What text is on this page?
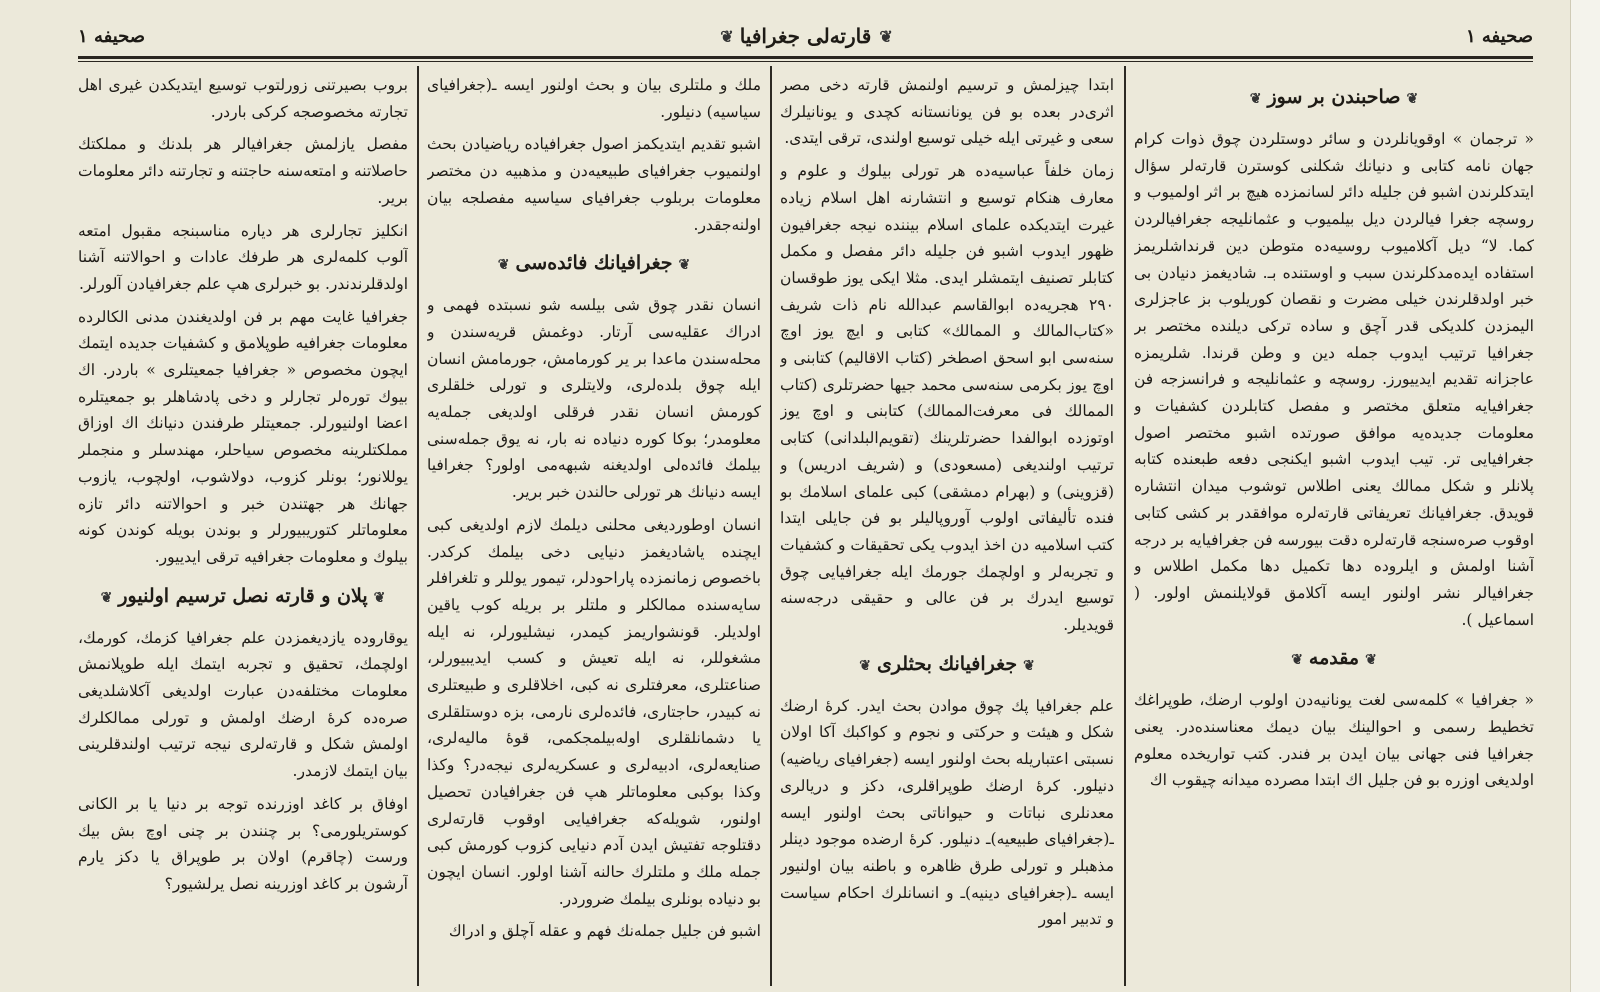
صحیفه ۱
❦
قارته‌لی جغرافیا
❦
صحیفه ۱
❦صاحبندن بر سوز❦

« ترجمان » اوقویانلردن و سائر دوستلردن چوق ذوات کرام جهان نامه کتابی و دنیانك شکلنی کوسترن قارته‌لر سؤال ایتدکلرندن اشبو فن جلیله دائر لسانمزده هیچ بر اثر اولمیوب و روسچه جغرا فیالردن دیل بیلمیوب و عثمانلیجه جغرافیالردن کما. لا“ دیل آکلامیوب روسیه‌ده متوطن دین قرنداشلریمز استفاده ایده‌مدکلرندن سبب و اوستنده بـ. شادیغمز دنیادن بی خبر اولدقلرندن خیلی مضرت و نقصان کوریلوب بز عاجزلری الیمزدن کلدیکی قدر آچق و ساده ترکی دیلنده مختصر بر جغرافیا ترتیب ایدوب جمله دین و وطن قرندا. شلریمزه عاجزانه تقدیم ایدییورز. روسچه و عثمانلیجه و فرانسزجه فن جغرافیایه متعلق مختصر و مفصل کتابلردن کشفیات و معلومات جدیده‌یه موافق صورتده اشبو مختصر اصول جغرافیایی تر. تیب ایدوب اشبو ایکنجی دفعه طبعنده کتابه پلانلر و شکل ممالك یعنی اطلاس توشوب میدان انتشاره قویدق. جغرافیانك تعریفاتی قارته‌لره موافقدر بر کشی کتابی اوقوب صره‌سنجه قارته‌لره دقت بیورسه فن جغرافیایه بر درجه آشنا اولمش و ایلروده دها تکمیل دها مکمل اطلاس و جغرافیالر نشر اولنور ایسه آکلامق قولایلنمش اولور. ( اسماعیل ).

❦مقدمه❦

« جغرافیا » کلمه‌سی لغت یونانیه‌دن اولوب ارضك، طوپراغك تخطیط رسمی و احوالینك بیان دیمك معناسنده‌در. یعنی جغرافیا فنی جهانی بیان ایدن بر فندر. کتب تواریخده معلوم اولدیغی اوزره بو فن جلیل اك ابتدا مصرده میدانه چیقوب اك

ابتدا چیزلمش و ترسیم اولنمش قارته دخی مصر اثری‌در بعده بو فن یونانستانه کچدی و یونانیلرك سعی و غیرتی ایله خیلی توسیع اولندی، ترقی ایتدی.

زمان خلفاً عباسیه‌ده هر تورلی بیلوك و علوم و معارف هنکام توسیع و انتشارنه اهل اسلام زیاده غیرت ایتدیکده علمای اسلام بیننده نیجه جغرافیون ظهور ایدوب اشبو فن جلیله دائر مفصل و مکمل کتابلر تصنیف ایتمشلر ایدی. مثلا ایکی یوز طوقسان ۲۹۰ هجریه‌ده ابوالقاسم عبدالله نام ذات شریف «کتاب‌المالك و الممالك» کتابی و ایچ یوز اوچ سنه‌سی ابو اسحق اصطخر (کتاب الاقالیم) کتابنی و اوچ یوز بکرمی سنه‌سی محمد جیها حضرتلری (کتاب الممالك فی معرفت‌الممالك) کتابنی و اوچ یوز اوتوزده ابوالفدا حضرتلرینك (تقویم‌البلدانی) کتابی ترتیب اولندیغی (مسعودی) و (شریف ادریس) و (قزوینی) و (بهرام دمشقی) کبی علمای اسلامك بو فنده تألیفاتی اولوب آوروپالیلر بو فن جایلی ایتدا کتب اسلامیه دن اخذ ایدوب یکی تحقیقات و کشفیات و تجربه‌لر و اولچمك جورمك ایله جغرافیایی چوق توسیع ایدرك بر فن عالی و حقیقی درجه‌سنه قویدیلر.

❦جغرافیانك بحثلری❦

علم جغرافیا پك چوق موادن بحث ایدر. کرهٔ ارضك شکل و هیئت و حرکتی و نجوم و کواکبك آکا اولان نسبتی اعتباریله بحث اولنور ایسه (جغرافیای ریاضیه) دنیلور. کرهٔ ارضك طوپراقلری، دکز و دریالری معدنلری نباتات و حیواناتی بحث اولنور ایسه ـ(جغرافیای طبیعیه)ـ دنیلور. کرهٔ ارضده موجود دینلر مذهبلر و تورلی طرق ظاهره و باطنه بیان اولنیور ایسه ـ(جغرافیای دینیه)ـ و انسانلرك احکام سیاست و تدبیر امور

ملك و ملتلری بیان و بحث اولنور ایسه ـ(جغرافیای سیاسیه) دنیلور.

اشبو تقدیم ایتدیکمز اصول جغرافیاده ریاضیادن بحث اولنمیوب جغرافیای طبیعیه‌دن و مذهبیه دن مختصر معلومات بربلوب جغرافیای سیاسیه مفصلجه بیان اولنه‌جقدر.

❦جغرافیانك فائده‌سی❦

انسان نقدر چوق شی بیلسه شو نسبتده فهمی و ادراك عقلیه‌سی آرتار. دوغمش قریه‌سندن و محله‌سندن ماعدا بر یر کورمامش، جورمامش انسان ایله چوق بلده‌لری، ولایتلری و تورلی خلقلری کورمش انسان نقدر فرقلی اولدیغی جمله‌یه معلومدر؛ بوکا کوره دنیاده نه بار، نه یوق جمله‌سنی بیلمك فائده‌لی اولدیغنه شبهه‌می اولور؟ جغرافیا ایسه دنیانك هر تورلی حالندن خبر بریر.

انسان اوطوردیغی محلنی دیلمك لازم اولدیغی کبی ایچنده یاشادیغمز دنیایی دخی بیلمك کرکدر. باخصوص زمانمزده پاراحودلر، تیمور یوللر و تلغرافلر سایه‌سنده ممالکلر و ملتلر بر بریله کوب یاقین اولدیلر. قونشواریمز کیمدر، نیشلیورلر، نه ایله مشغوللر، نه ایله تعیش و کسب ایدیبیورلر، صناعتلری، معرفتلری نه کبی، اخلاقلری و طبیعتلری نه کبیدر، حاجتاری، فائده‌لری نارمی، بزه دوستلقلری یا دشمانلقلری اوله‌بیلمجکمی، قوهٔ مالیه‌لری، صنایعه‌لری، ادبیه‌لری و عسکریه‌لری نیجه‌در؟ وکذا وکذا بوکبی معلوماتلر هپ فن جغرافیادن تحصیل اولنور، شویله‌که جغرافیایی اوقوب قارته‌لری دقتلوجه تفتیش ایدن آدم دنیایی کزوب کورمش کبی جمله ملك و ملتلرك حالنه آشنا اولور. انسان ایچون بو دنیاده بونلری بیلمك ضروردر.

اشبو فن جلیل جمله‌نك فهم و عقله آچلق و ادراك

بروب بصیرتنی زورلتوب توسیع ایتدیکدن غیری اهل تجارته مخصوصجه کرکی باردر.

مفصل یازلمش جغرافیالر هر بلدنك و مملکتك حاصلاتنه و امتعه‌سنه حاجتنه و تجارتنه دائر معلومات بریر.

انکلیز تجارلری هر دیاره مناسبنجه مقبول امتعه آلوب کلمه‌لری هر طرفك عادات و احوالاتنه آشنا اولدقلرندندر. بو خبرلری هپ علم جغرافیادن آلورلر.

جغرافیا غایت مهم بر فن اولدیغندن مدنی الکالرده معلومات جغرافیه طوپلامق و کشفیات جدیده ایتمك ایچون مخصوص « جغرافیا جمعیتلری » باردر. اك بیوك تورەلر تجارلر و دخی پادشاهلر بو جمعیتلره اعضا اولنیورلر. جمعیتلر طرفندن دنیانك اك اوزاق مملکتلرینه مخصوص سیاحلر، مهندسلر و منجملر یوللانور؛ بونلر کزوب، دولاشوب، اولچوب، یازوب جهانك هر جهتندن خبر و احوالاتنه دائر تازه معلوماتلر کتوریبیورلر و بوندن بویله کوندن کونه بیلوك و معلومات جغرافیه ترقی ایدییور.

❦پلان و قارته نصل ترسیم اولنیور❦

یوقاروده یازدیغمزدن علم جغرافیا کزمك، کورمك، اولچمك، تحقیق و تجربه ایتمك ایله طوپلانمش معلومات مختلفه‌دن عبارت اولدیغی آکلاشلدیغی صره‌ده کرهٔ ارضك اولمش و تورلی ممالکلرك اولمش شکل و قارته‌لری نیجه ترتیب اولندقلرینی بیان ایتمك لازمدر.

اوفاق بر کاغد اوزرنده توجه بر دنیا یا بر الکانی کوستریلورمی؟ بر چنندن بر چنی اوچ بش بیك ورست (چاقرم) اولان بر طوپراق یا دکز یارم آرشون بر کاغد اوزرینه نصل یرلشیور؟
